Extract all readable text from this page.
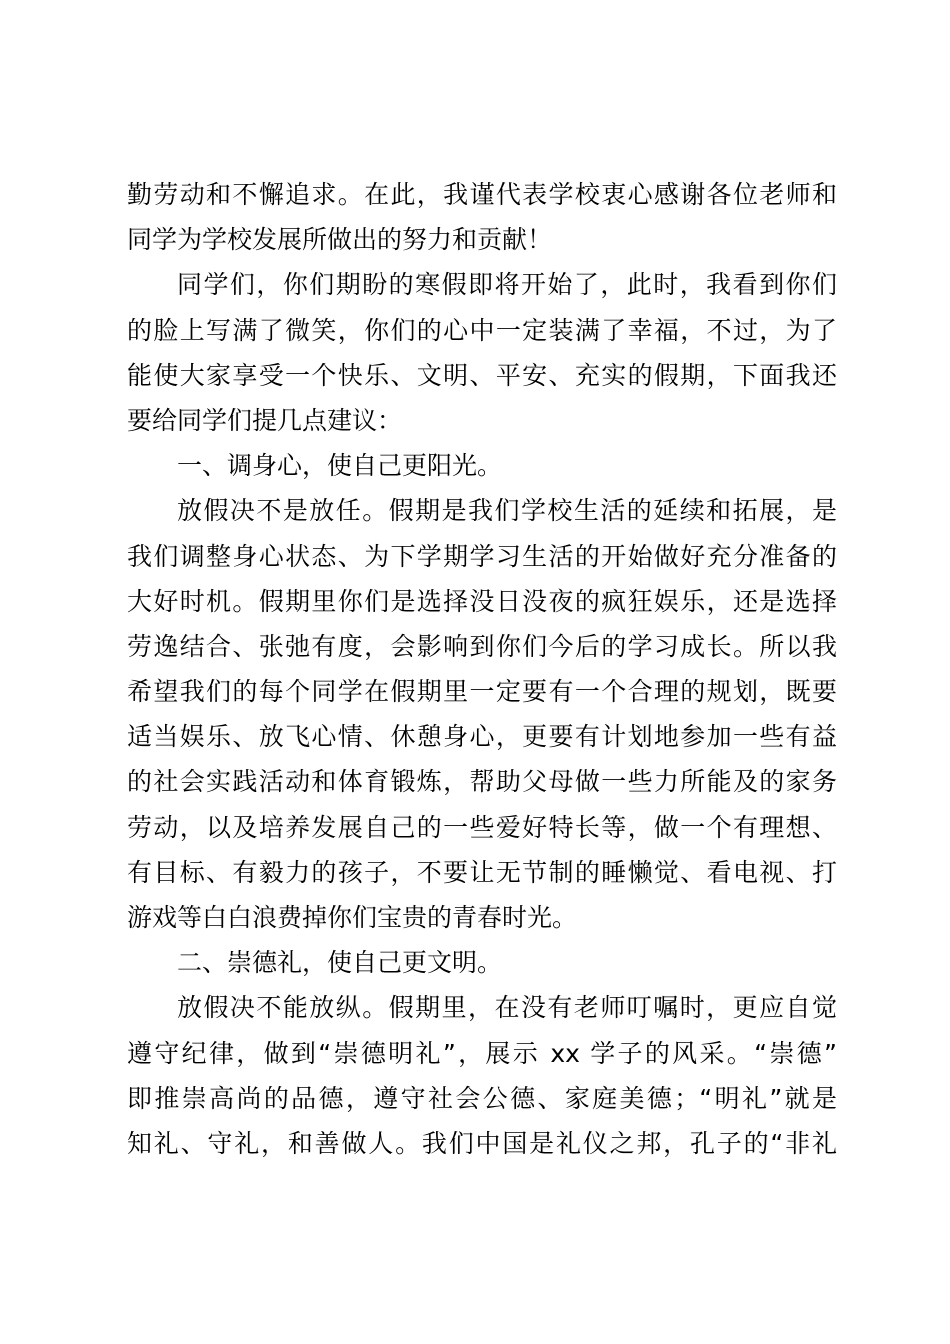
勤劳动和不懈追求。在此，我谨代表学校衷心感谢各位老师和
同学为学校发展所做出的努力和贡献！
同学们，你们期盼的寒假即将开始了，此时，我看到你们
的脸上写满了微笑，你们的心中一定装满了幸福，不过，为了
能使大家享受一个快乐、文明、平安、充实的假期，下面我还
要给同学们提几点建议：
一、调身心，使自己更阳光。
放假决不是放任。假期是我们学校生活的延续和拓展，是
我们调整身心状态、为下学期学习生活的开始做好充分准备的
大好时机。假期里你们是选择没日没夜的疯狂娱乐，还是选择
劳逸结合、张弛有度，会影响到你们今后的学习成长。所以我
希望我们的每个同学在假期里一定要有一个合理的规划，既要
适当娱乐、放飞心情、休憩身心，更要有计划地参加一些有益
的社会实践活动和体育锻炼，帮助父母做一些力所能及的家务
劳动，以及培养发展自己的一些爱好特长等，做一个有理想、
有目标、有毅力的孩子，不要让无节制的睡懒觉、看电视、打
游戏等白白浪费掉你们宝贵的青春时光。
二、崇德礼，使自己更文明。
放假决不能放纵。假期里，在没有老师叮嘱时，更应自觉
遵守纪律，做到“崇德明礼”，展示 xx 学子的风采。“崇德”
即推崇高尚的品德，遵守社会公德、家庭美德；“明礼”就是
知礼、守礼，和善做人。我们中国是礼仪之邦，孔子的“非礼
